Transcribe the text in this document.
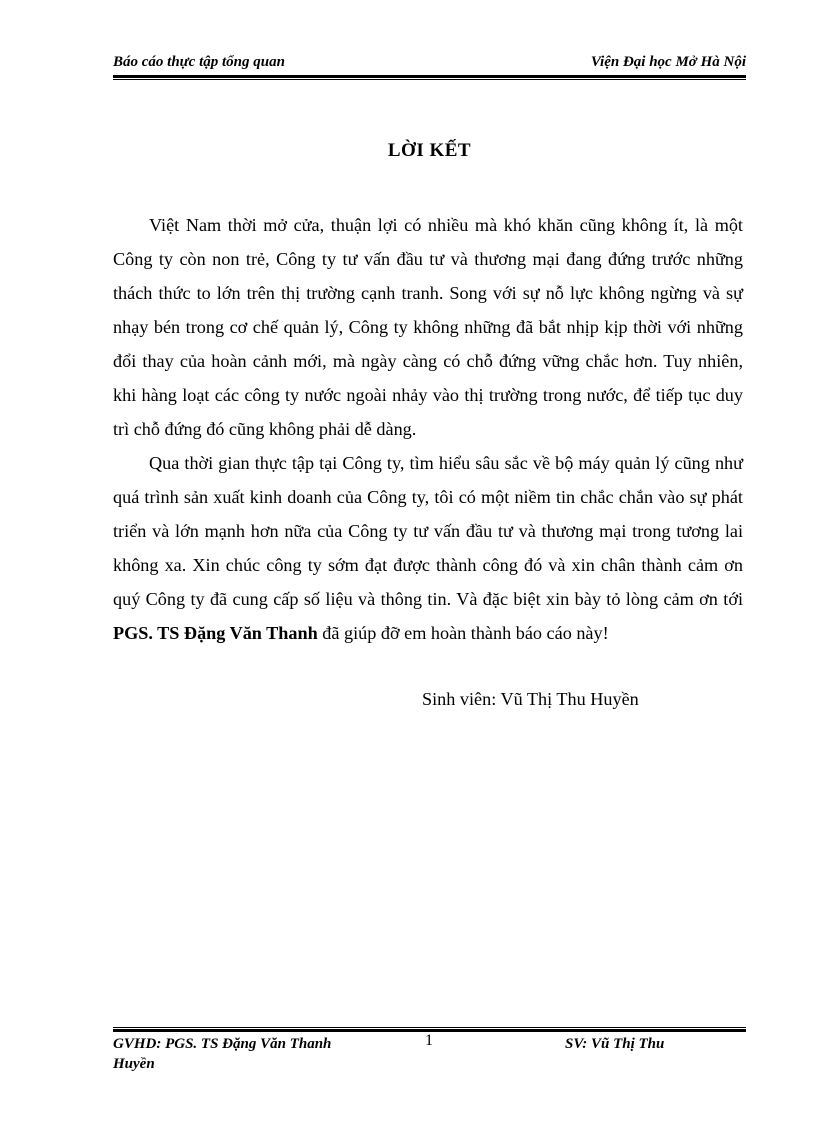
Báo cáo thực tập tổng quan	Viện Đại học Mở Hà Nội
LỜI KẾT

Việt Nam thời mở cửa, thuận lợi có nhiều mà khó khăn cũng không ít, là một Công ty còn non trẻ, Công ty tư vấn đầu tư và thương mại đang đứng trước những thách thức to lớn trên thị trường cạnh tranh. Song với sự nỗ lực không ngừng và sự nhạy bén trong cơ chế quản lý, Công ty không những đã bắt nhịp kịp thời với những đổi thay của hoàn cảnh mới, mà ngày càng có chỗ đứng vững chắc hơn. Tuy nhiên, khi hàng loạt các công ty nước ngoài nhảy vào thị trường trong nước, để tiếp tục duy trì chỗ đứng đó cũng không phải dễ dàng.

Qua thời gian thực tập tại Công ty, tìm hiểu sâu sắc về bộ máy quản lý cũng như quá trình sản xuất kinh doanh của Công ty, tôi có một niềm tin chắc chắn vào sự phát triển và lớn mạnh hơn nữa của Công ty tư vấn đầu tư và thương mại trong tương lai không xa. Xin chúc công ty sớm đạt được thành công đó và xin chân thành cảm ơn quý Công ty đã cung cấp số liệu và thông tin. Và đặc biệt xin bày tỏ lòng cảm ơn tới PGS. TS Đặng Văn Thanh đã giúp đỡ em hoàn thành báo cáo này!

Sinh viên: Vũ Thị Thu Huyền
GVHD: PGS. TS Đặng Văn Thanh Huyền
1	SV: Vũ Thị Thu
